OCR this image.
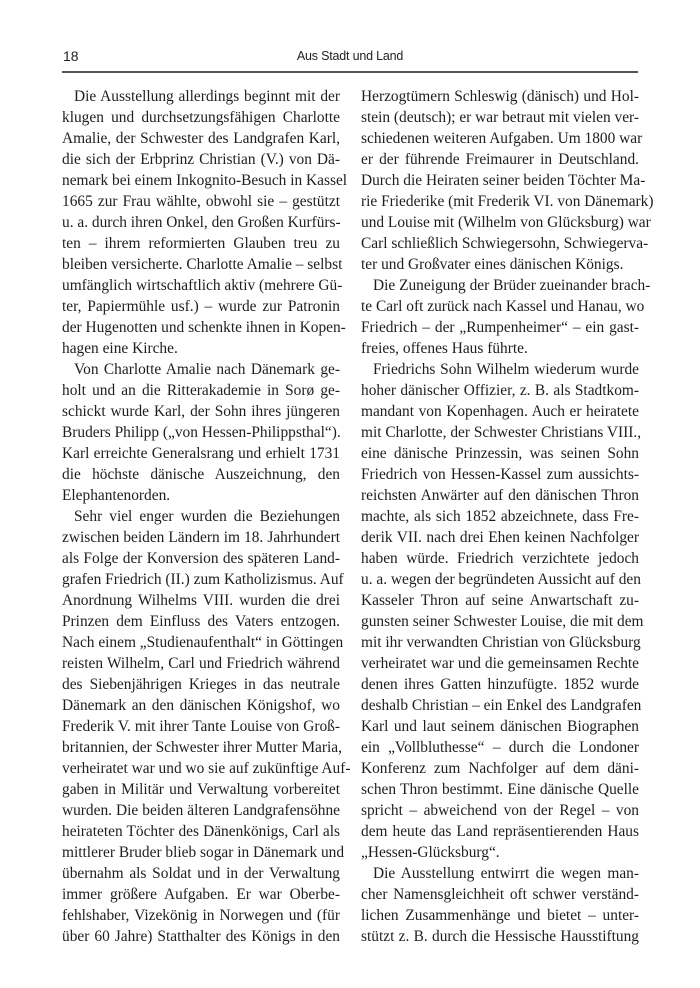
18	Aus Stadt und Land
Die Ausstellung allerdings beginnt mit der
klugen und durchsetzungsfähigen Charlotte
Amalie, der Schwester des Landgrafen Karl,
die sich der Erbprinz Christian (V.) von Dä-
nemark bei einem Inkognito-Besuch in Kassel
1665 zur Frau wählte, obwohl sie – gestützt
u. a. durch ihren Onkel, den Großen Kurfürs-
ten – ihrem reformierten Glauben treu zu
bleiben versicherte. Charlotte Amalie – selbst
umfänglich wirtschaftlich aktiv (mehrere Gü-
ter, Papiermühle usf.) – wurde zur Patronin
der Hugenotten und schenkte ihnen in Kopen-
hagen eine Kirche.
Von Charlotte Amalie nach Dänemark ge-
holt und an die Ritterakademie in Sorø ge-
schickt wurde Karl, der Sohn ihres jüngeren
Bruders Philipp („von Hessen-Philippsthal“).
Karl erreichte Generalsrang und erhielt 1731
die höchste dänische Auszeichnung, den
Elephantenorden.
Sehr viel enger wurden die Beziehungen
zwischen beiden Ländern im 18. Jahrhundert
als Folge der Konversion des späteren Land-
grafen Friedrich (II.) zum Katholizismus. Auf
Anordnung Wilhelms VIII. wurden die drei
Prinzen dem Einfluss des Vaters entzogen.
Nach einem „Studienaufenthalt“ in Göttingen
reisten Wilhelm, Carl und Friedrich während
des Siebenjährigen Krieges in das neutrale
Dänemark an den dänischen Königshof, wo
Frederik V. mit ihrer Tante Louise von Groß-
britannien, der Schwester ihrer Mutter Maria,
verheiratet war und wo sie auf zukünftige Auf-
gaben in Militär und Verwaltung vorbereitet
wurden. Die beiden älteren Landgrafensöhne
heirateten Töchter des Dänenkönigs, Carl als
mittlerer Bruder blieb sogar in Dänemark und
übernahm als Soldat und in der Verwaltung
immer größere Aufgaben. Er war Oberbe-
fehlshaber, Vizekönig in Norwegen und (für
über 60 Jahre) Statthalter des Königs in den
Herzogtümern Schleswig (dänisch) und Hol-
stein (deutsch); er war betraut mit vielen ver-
schiedenen weiteren Aufgaben. Um 1800 war
er der führende Freimaurer in Deutschland.
Durch die Heiraten seiner beiden Töchter Ma-
rie Friederike (mit Frederik VI. von Dänemark)
und Louise mit (Wilhelm von Glücksburg) war
Carl schließlich Schwiegersohn, Schwiegerva-
ter und Großvater eines dänischen Königs.
Die Zuneigung der Brüder zueinander brach-
te Carl oft zurück nach Kassel und Hanau, wo
Friedrich – der „Rumpenheimer“ – ein gast-
freies, offenes Haus führte.
Friedrichs Sohn Wilhelm wiederum wurde
hoher dänischer Offizier, z. B. als Stadtkom-
mandant von Kopenhagen. Auch er heiratete
mit Charlotte, der Schwester Christians VIII.,
eine dänische Prinzessin, was seinen Sohn
Friedrich von Hessen-Kassel zum aussichts-
reichsten Anwärter auf den dänischen Thron
machte, als sich 1852 abzeichnete, dass Fre-
derik VII. nach drei Ehen keinen Nachfolger
haben würde. Friedrich verzichtete jedoch
u. a. wegen der begründeten Aussicht auf den
Kasseler Thron auf seine Anwartschaft zu-
gunsten seiner Schwester Louise, die mit dem
mit ihr verwandten Christian von Glücksburg
verheiratet war und die gemeinsamen Rechte
denen ihres Gatten hinzufügte. 1852 wurde
deshalb Christian – ein Enkel des Landgrafen
Karl und laut seinem dänischen Biographen
ein „Vollbluthesse“ – durch die Londoner
Konferenz zum Nachfolger auf dem däni-
schen Thron bestimmt. Eine dänische Quelle
spricht – abweichend von der Regel – von
dem heute das Land repräsentierenden Haus
„Hessen-Glücksburg“.
Die Ausstellung entwirrt die wegen man-
cher Namensgleichheit oft schwer verständ-
lichen Zusammenhänge und bietet – unter-
stützt z. B. durch die Hessische Hausstiftung
